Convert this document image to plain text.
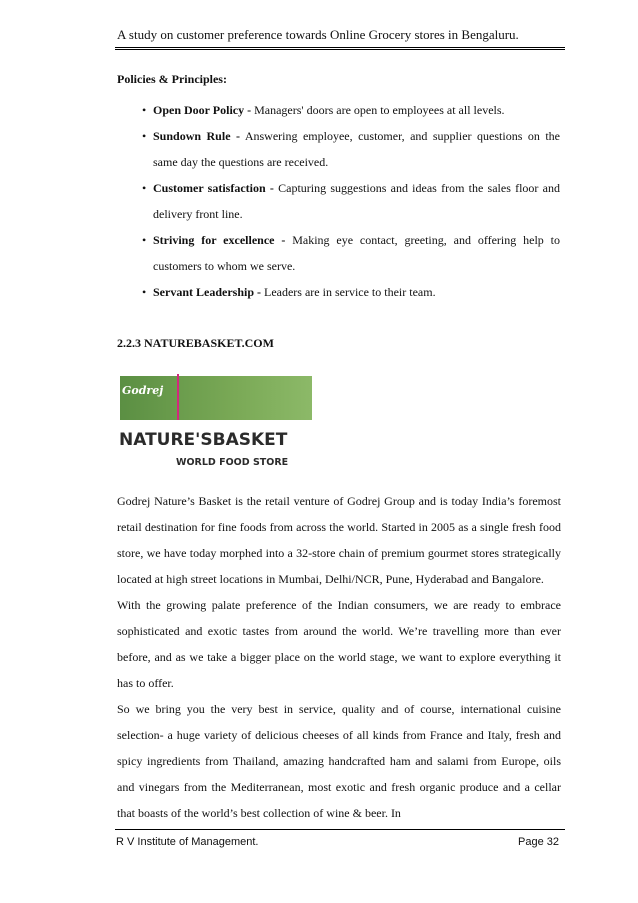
A study on customer preference towards Online Grocery stores in Bengaluru.
Policies & Principles:
• Open Door Policy - Managers' doors are open to employees at all levels.
• Sundown Rule - Answering employee, customer, and supplier questions on the same day the questions are received.
• Customer satisfaction - Capturing suggestions and ideas from the sales floor and delivery front line.
• Striving for excellence - Making eye contact, greeting, and offering help to customers to whom we serve.
• Servant Leadership - Leaders are in service to their team.
2.2.3 NATUREBASKET.COM
Godrej
NATURE'SBASKET
WORLD FOOD STORE

Godrej Nature’s Basket is the retail venture of Godrej Group and is today India’s foremost retail destination for fine foods from across the world. Started in 2005 as a single fresh food store, we have today morphed into a 32-store chain of premium gourmet stores strategically located at high street locations in Mumbai, Delhi/NCR, Pune, Hyderabad and Bangalore.

With the growing palate preference of the Indian consumers, we are ready to embrace sophisticated and exotic tastes from around the world. We’re travelling more than ever before, and as we take a bigger place on the world stage, we want to explore everything it has to offer.

So we bring you the very best in service, quality and of course, international cuisine selection- a huge variety of delicious cheeses of all kinds from France and Italy, fresh and spicy ingredients from Thailand, amazing handcrafted ham and salami from Europe, oils and vinegars from the Mediterranean, most exotic and fresh organic produce and a cellar that boasts of the world’s best collection of wine & beer. In

R V Institute of Management.	Page 32
